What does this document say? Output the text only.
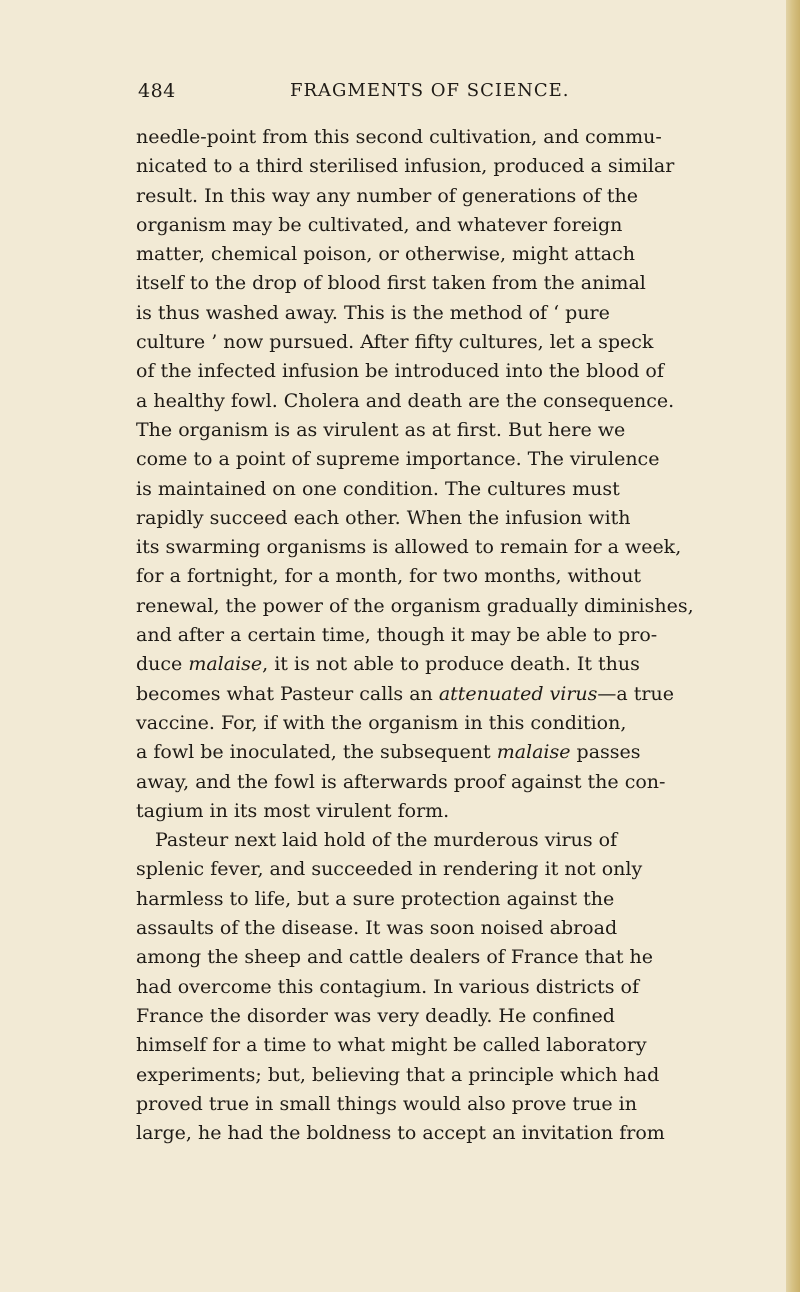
484	FRAGMENTS OF SCIENCE.
needle-point from this second cultivation, and commu-
nicated to a third sterilised infusion, produced a similar
result. In this way any number of generations of the
organism may be cultivated, and whatever foreign
matter, chemical poison, or otherwise, might attach
itself to the drop of blood first taken from the animal
is thus washed away. This is the method of ‘ pure
culture ’ now pursued. After fifty cultures, let a speck
of the infected infusion be introduced into the blood of
a healthy fowl. Cholera and death are the consequence.
The organism is as virulent as at first. But here we
come to a point of supreme importance. The virulence
is maintained on one condition. The cultures must
rapidly succeed each other. When the infusion with
its swarming organisms is allowed to remain for a week,
for a fortnight, for a month, for two months, without
renewal, the power of the organism gradually diminishes,
and after a certain time, though it may be able to pro-
duce malaise, it is not able to produce death. It thus
becomes what Pasteur calls an attenuated virus—a true
vaccine. For, if with the organism in this condition,
a fowl be inoculated, the subsequent malaise passes
away, and the fowl is afterwards proof against the con-
tagium in its most virulent form.
 Pasteur next laid hold of the murderous virus of
splenic fever, and succeeded in rendering it not only
harmless to life, but a sure protection against the
assaults of the disease. It was soon noised abroad
among the sheep and cattle dealers of France that he
had overcome this contagium. In various districts of
France the disorder was very deadly. He confined
himself for a time to what might be called laboratory
experiments; but, believing that a principle which had
proved true in small things would also prove true in
large, he had the boldness to accept an invitation from
